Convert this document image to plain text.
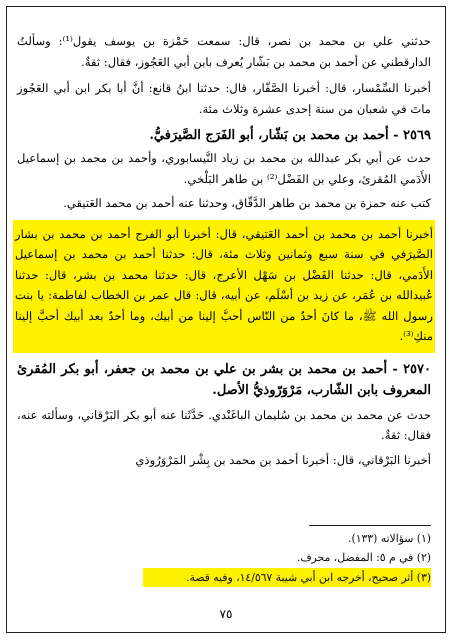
حدثني علي بن محمد بن نصر، قال: سمعت حَمْزة بن يوسف يقول⁽¹⁾: وسألتُ الدارقطني عن أحمد بن محمد بن بَشّار يُعرف بابن أبي العَجُوز، فقال: ثقةٌ.

أخبرنا السِّمْسار، قال: أخبرنا الصَّفّار، قال: حدثنا ابنُ قانع: أنَّ أبا بكر ابن أبي العَجُوز ماتَ في شعبان من سنة إحدى عشرة وثلاث مئة.

٢٥٦٩ - أحمد بن محمد بن بَشّار، أبو الفَرَج الصَّيرَفيُّ.

حدث عن أبي بكر عبدالله بن محمد بن زياد النَّيسابوري، وأحمد بن محمد بن إسماعيل الأَدَمي المُقرئ، وعلي بن الفَضْل⁽²⁾ بن طاهر البَلْخي.

كتب عنه حمزة بن محمد بن طاهر الدَّقّاق، وحدثنا عنه أحمد بن محمد العَتيقي.

أخبرنا أحمد بن محمد بن أحمد العَتيقي، قال: أخبرنا أبو الفرج أحمد بن محمد بن بشار الصَّيرَفي في سنة سبع وثمانين وثلاث مئة، قال: حدثنا أحمد بن محمد بن إسماعيل الأَدَمي، قال: حدثنا الفَضْل بن سَهْل الأعرج، قال: حدثنا محمد بن بشر، قال: حدثنا عُبيدالله بن عُمَر، عن زيد بن أسْلَم، عن أبيه، قال: قال عمر بن الخطاب لفاطمة: يا بنت رسول الله ﷺ، ما كانَ أحدٌ من النّاس أحبَّ إلينا من أبيك، وما أحدٌ بعد أبيك أحبَّ إلينا منكِ⁽³⁾.

٢٥٧٠ - أحمد بن محمد بن بشر بن علي بن محمد بن جعفر، أبو بكر المُقرئ المعروف بابن الشّارب، مَرْوَرّوذيُّ الأصل.

حدث عن محمد بن محمد بن سُليمان الباغَنْدي. حَدَّثَنا عنه أبو بكر البَرْقاني، وسألته عنه، فقال: ثقةٌ.

أخبرنا البَرْقاني، قال: أخبرنا أحمد بن محمد بن بِشْر المَرْوَرُوذي

(١) سؤالاته (١٣٣).
(٢) في م ٥: المفضل، محرف.
(٣) أثر صحيح، أخرجه ابن أبي شيبة ١٤/٥٦٧، وفيه قصة.
٧٥
